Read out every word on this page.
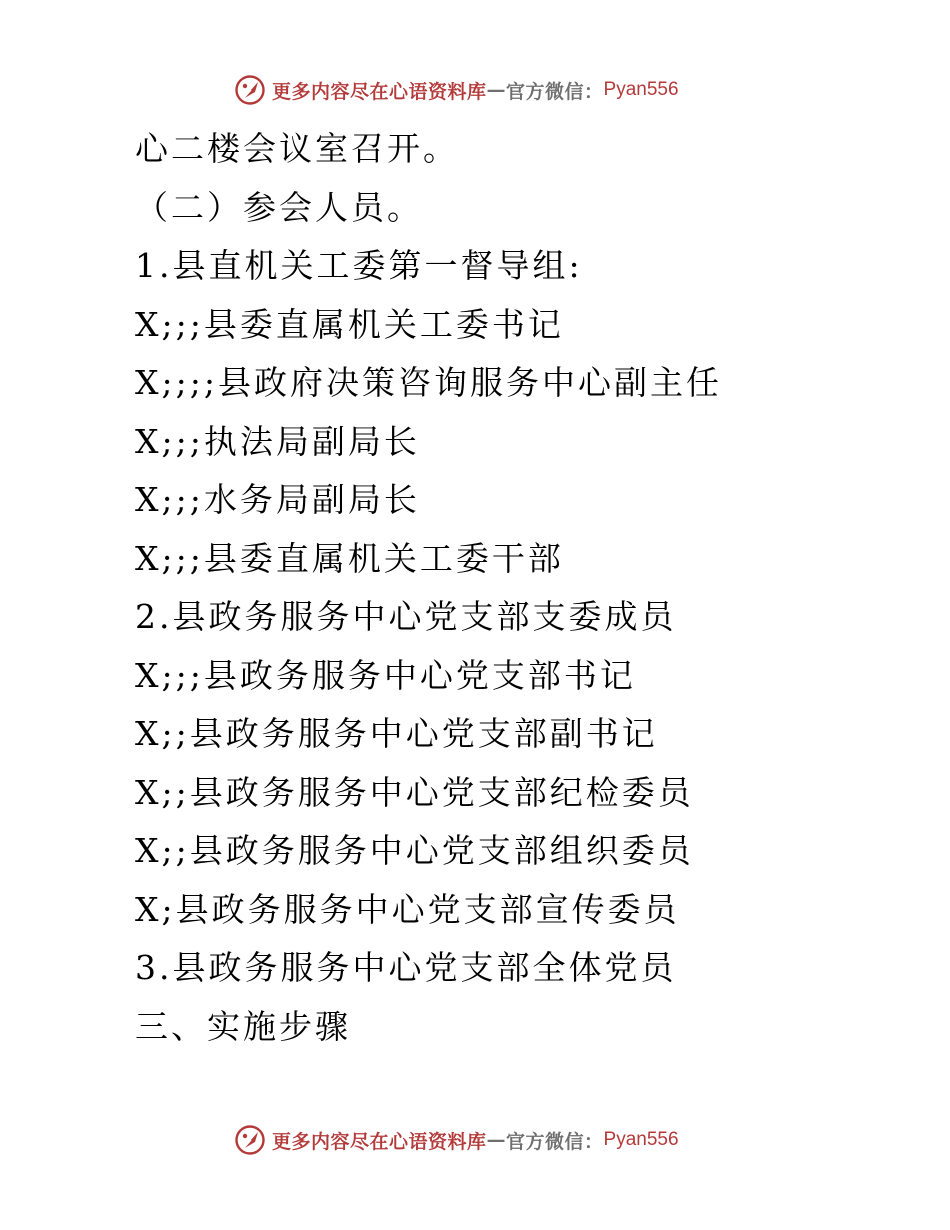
更多内容尽在心语资料库 — 官方微信： Pyan556
心二楼会议室召开。
（二）参会人员。
1.县直机关工委第一督导组:
X;;;县委直属机关工委书记
X;;;;县政府决策咨询服务中心副主任
X;;;执法局副局长
X;;;水务局副局长
X;;;县委直属机关工委干部
2.县政务服务中心党支部支委成员
X;;;县政务服务中心党支部书记
X;;县政务服务中心党支部副书记
X;;县政务服务中心党支部纪检委员
X;;县政务服务中心党支部组织委员
X;县政务服务中心党支部宣传委员
3.县政务服务中心党支部全体党员
三、实施步骤
更多内容尽在心语资料库 — 官方微信： Pyan556
